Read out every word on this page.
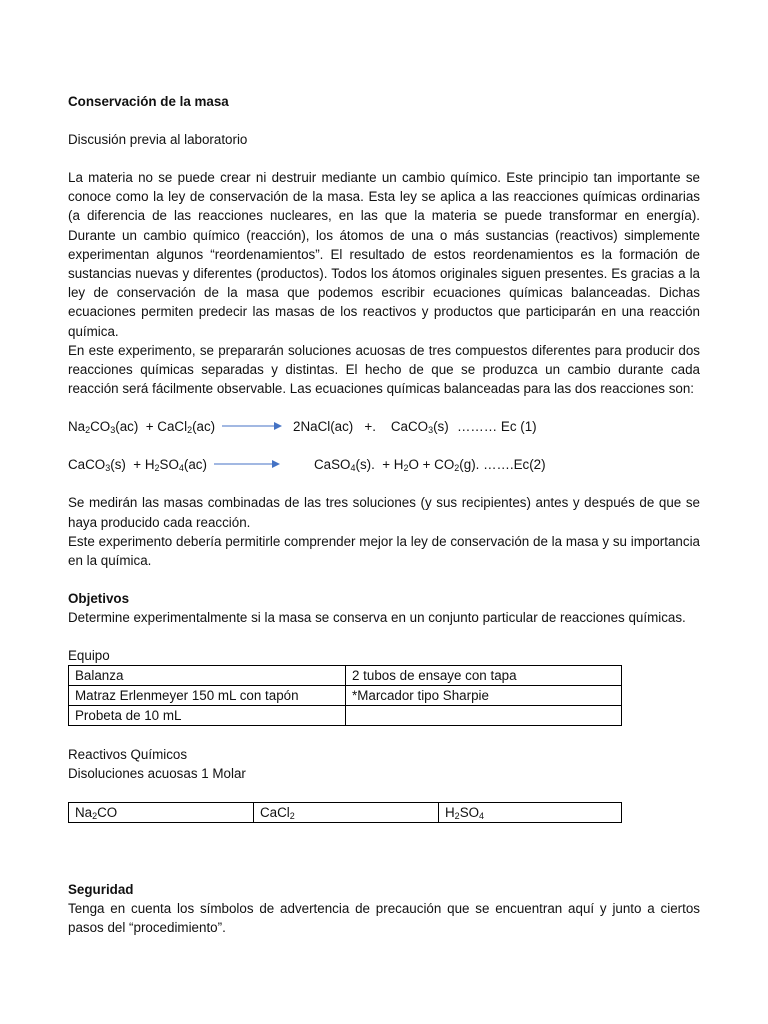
Conservación de la masa

Discusión previa al laboratorio

La materia no se puede crear ni destruir mediante un cambio químico. Este principio tan importante se conoce como la ley de conservación de la masa. Esta ley se aplica a las reacciones químicas ordinarias (a diferencia de las reacciones nucleares, en las que la materia se puede transformar en energía). Durante un cambio químico (reacción), los átomos de una o más sustancias (reactivos) simplemente experimentan algunos “reordenamientos”. El resultado de estos reordenamientos es la formación de sustancias nuevas y diferentes (productos). Todos los átomos originales siguen presentes. Es gracias a la ley de conservación de la masa que podemos escribir ecuaciones químicas balanceadas. Dichas ecuaciones permiten predecir las masas de los reactivos y productos que participarán en una reacción química.

En este experimento, se prepararán soluciones acuosas de tres compuestos diferentes para producir dos reacciones químicas separadas y distintas. El hecho de que se produzca un cambio durante cada reacción será fácilmente observable. Las ecuaciones químicas balanceadas para las dos reacciones son:

$Na_2CO_3(ac)$  + CaCl$_2$(ac)	2NaCl(ac)   +.    CaCO$_3$(s) ……… Ec (1)
CaCO$_3$(s)  + $H_2SO_4(ac)$	CaSO$_4$(s).  + $H_2O + CO_2(g)$. …….Ec(2)

Se medirán las masas combinadas de las tres soluciones (y sus recipientes) antes y después de que se haya producido cada reacción.

Este experimento debería permitirle comprender mejor la ley de conservación de la masa y su importancia en la química.

Objetivos

Determine experimentalmente si la masa se conserva en un conjunto particular de reacciones químicas.

Equipo

Balanza	2 tubos de ensaye con tapa
Matraz Erlenmeyer 150 mL con tapón	*Marcador tipo Sharpie
Probeta de 10 mL	

Reactivos Químicos

Disoluciones acuosas 1 Molar

$Na_2CO$	CaCl$_2$	$H_2SO_4$

Seguridad

Tenga en cuenta los símbolos de advertencia de precaución que se encuentran aquí y junto a ciertos pasos del “procedimiento”.
